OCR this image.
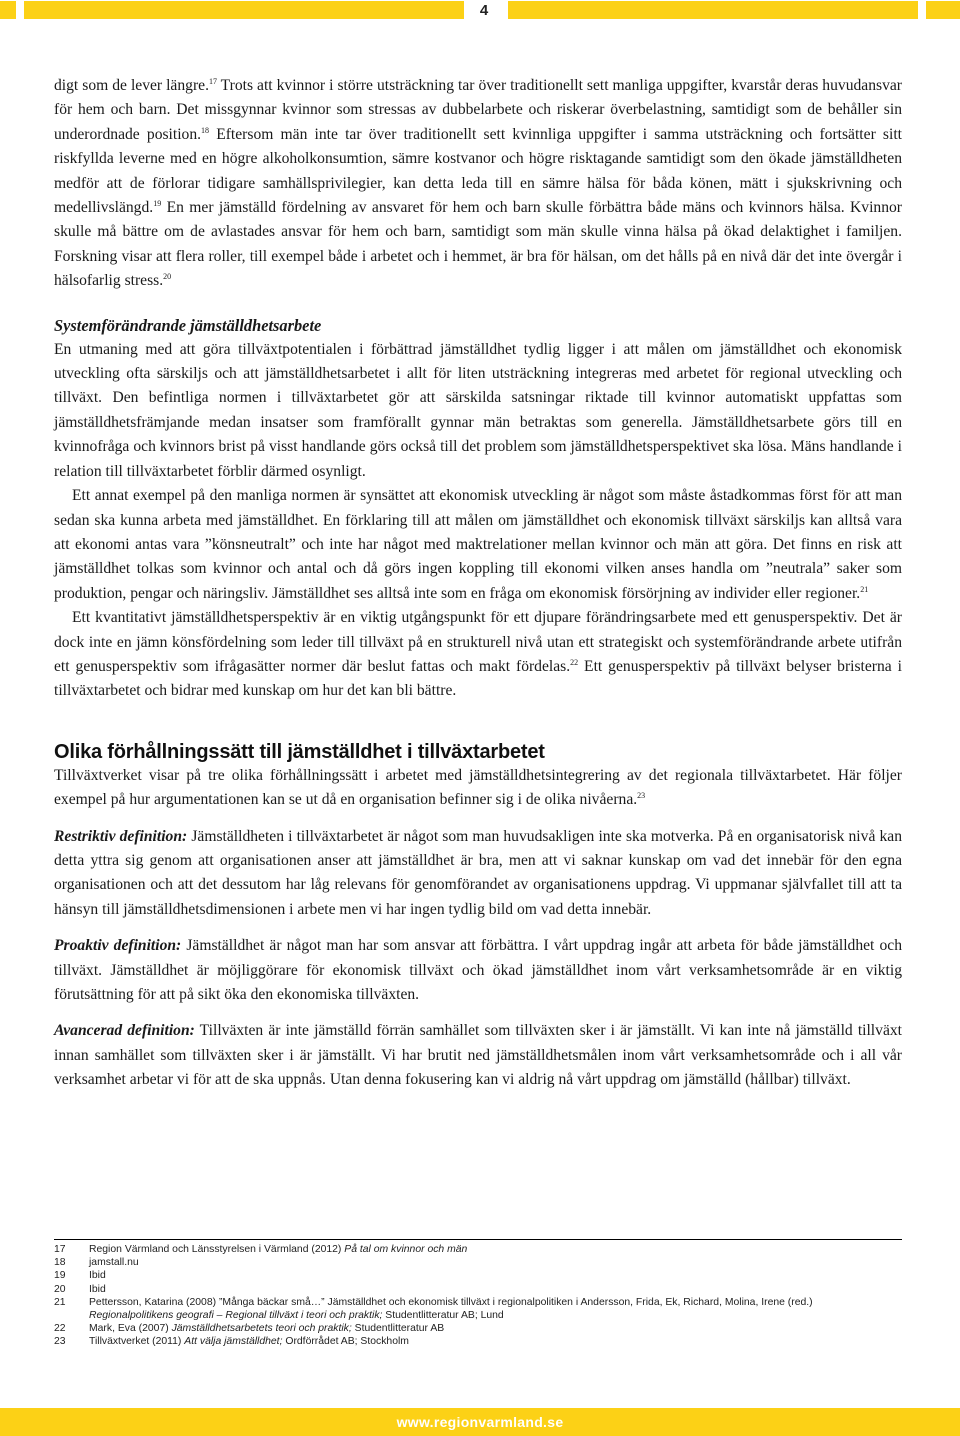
4

digt som de lever längre.$^{17}$ Trots att kvinnor i större utsträckning tar över traditionellt sett manliga uppgifter, kvarstår deras huvudansvar för hem och barn. Det missgynnar kvinnor som stressas av dubbelarbete och riskerar överbelastning, samtidigt som de behåller sin underordnade position.$^{18}$ Eftersom män inte tar över traditionellt sett kvinnliga uppgifter i samma utsträckning och fortsätter sitt riskfyllda leverne med en högre alkoholkonsumtion, sämre kostvanor och högre risktagande samtidigt som den ökade jämställdheten medför att de förlorar tidigare samhällsprivilegier, kan detta leda till en sämre hälsa för båda könen, mätt i sjukskrivning och medellivslängd.$^{19}$ En mer jämställd fördelning av ansvaret för hem och barn skulle förbättra både mäns och kvinnors hälsa. Kvinnor skulle må bättre om de avlastades ansvar för hem och barn, samtidigt som män skulle vinna hälsa på ökad delaktighet i familjen. Forskning visar att flera roller, till exempel både i arbetet och i hemmet, är bra för hälsan, om det hålls på en nivå där det inte övergår i hälsofarlig stress.$^{20}$

Systemförändrande jämställdhetsarbete

En utmaning med att göra tillväxtpotentialen i förbättrad jämställdhet tydlig ligger i att målen om jämställdhet och ekonomisk utveckling ofta särskiljs och att jämställdhetsarbetet i allt för liten utsträckning integreras med arbetet för regional utveckling och tillväxt. Den befintliga normen i tillväxtarbetet gör att särskilda satsningar riktade till kvinnor automatiskt uppfattas som jämställdhetsfrämjande medan insatser som framförallt gynnar män betraktas som generella. Jämställdhetsarbete görs till en kvinnofråga och kvinnors brist på visst handlande görs också till det problem som jämställdhetsperspektivet ska lösa. Mäns handlande i relation till tillväxtarbetet förblir därmed osynligt.

Ett annat exempel på den manliga normen är synsättet att ekonomisk utveckling är något som måste åstadkommas först för att man sedan ska kunna arbeta med jämställdhet. En förklaring till att målen om jämställdhet och ekonomisk tillväxt särskiljs kan alltså vara att ekonomi antas vara ”könsneutralt” och inte har något med maktrelationer mellan kvinnor och män att göra. Det finns en risk att jämställdhet tolkas som kvinnor och antal och då görs ingen koppling till ekonomi vilken anses handla om ”neutrala” saker som produktion, pengar och näringsliv. Jämställdhet ses alltså inte som en fråga om ekonomisk försörjning av individer eller regioner.$^{21}$

Ett kvantitativt jämställdhetsperspektiv är en viktig utgångspunkt för ett djupare förändringsarbete med ett genusperspektiv. Det är dock inte en jämn könsfördelning som leder till tillväxt på en strukturell nivå utan ett strategiskt och systemförändrande arbete utifrån ett genusperspektiv som ifrågasätter normer där beslut fattas och makt fördelas.$^{22}$ Ett genusperspektiv på tillväxt belyser bristerna i tillväxtarbetet och bidrar med kunskap om hur det kan bli bättre.

Olika förhållningssätt till jämställdhet i tillväxtarbetet

Tillväxtverket visar på tre olika förhållningssätt i arbetet med jämställdhetsintegrering av det regionala tillväxtarbetet. Här följer exempel på hur argumentationen kan se ut då en organisation befinner sig i de olika nivåerna.$^{23}$

Restriktiv definition: Jämställdheten i tillväxtarbetet är något som man huvudsakligen inte ska motverka. På en organisatorisk nivå kan detta yttra sig genom att organisationen anser att jämställdhet är bra, men att vi saknar kunskap om vad det innebär för den egna organisationen och att det dessutom har låg relevans för genomförandet av organisationens uppdrag. Vi uppmanar självfallet till att ta hänsyn till jämställdhetsdimensionen i arbete men vi har ingen tydlig bild om vad detta innebär.

Proaktiv definition: Jämställdhet är något man har som ansvar att förbättra. I vårt uppdrag ingår att arbeta för både jämställdhet och tillväxt. Jämställdhet är möjliggörare för ekonomisk tillväxt och ökad jämställdhet inom vårt verksamhetsområde är en viktig förutsättning för att på sikt öka den ekonomiska tillväxten.

Avancerad definition: Tillväxten är inte jämställd förrän samhället som tillväxten sker i är jämställt. Vi kan inte nå jämställd tillväxt innan samhället som tillväxten sker i är jämställt. Vi har brutit ned jämställdhetsmålen inom vårt verksamhetsområde och i all vår verksamhet arbetar vi för att de ska uppnås. Utan denna fokusering kan vi aldrig nå vårt uppdrag om jämställd (hållbar) tillväxt.

17	Region Värmland och Länsstyrelsen i Värmland (2012) På tal om kvinnor och män
18	jamstall.nu
19	Ibid
20	Ibid
21	Pettersson, Katarina (2008) ”Många bäckar små…” Jämställdhet och ekonomisk tillväxt i regionalpolitiken i Andersson, Frida, Ek, Richard, Molina, Irene (red.)
Regionalpolitikens geografi – Regional tillväxt i teori och praktik; Studentlitteratur AB; Lund
22	Mark, Eva (2007) Jämställdhetsarbetets teori och praktik; Studentlitteratur AB
23	Tillväxtverket (2011) Att välja jämställdhet; Ordförrådet AB; Stockholm
www.regionvarmland.se
